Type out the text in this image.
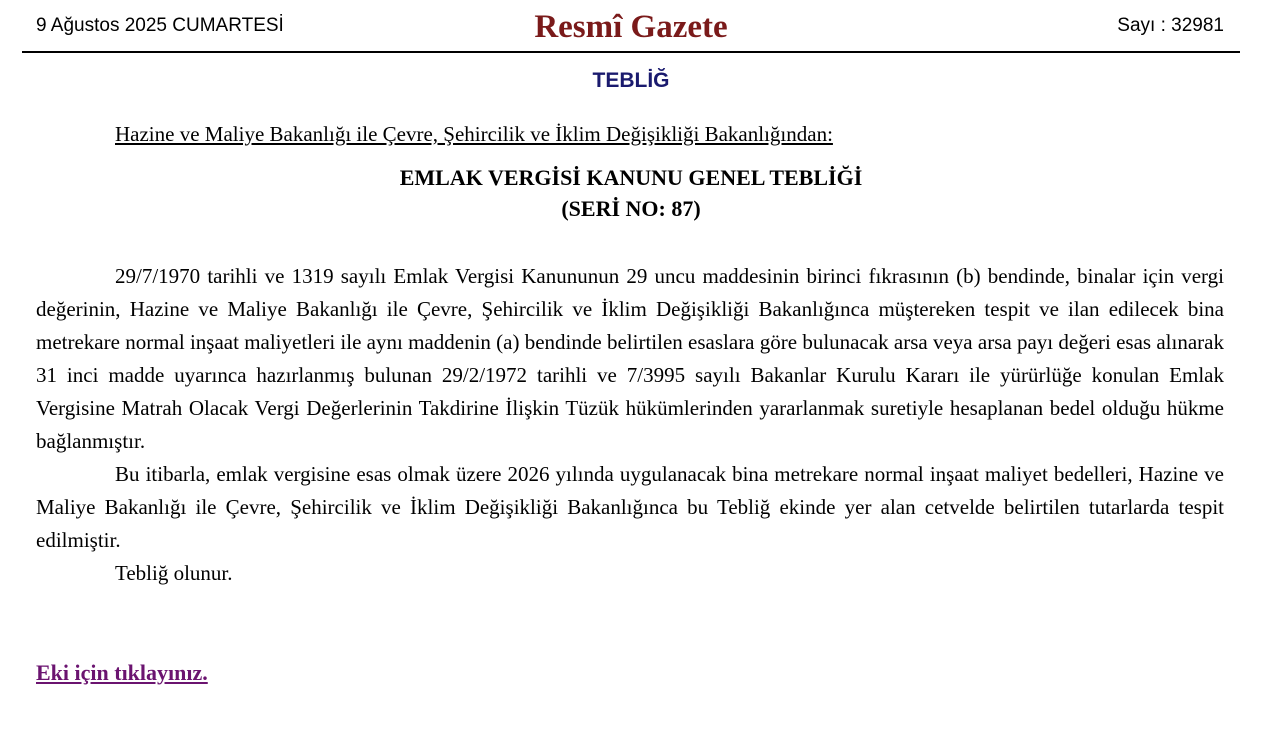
9 Ağustos 2025 CUMARTESİ	Resmî Gazete	Sayı : 32981
TEBLİĞ
Hazine ve Maliye Bakanlığı ile Çevre, Şehircilik ve İklim Değişikliği Bakanlığından:
EMLAK VERGİSİ KANUNU GENEL TEBLİĞİ
(SERİ NO: 87)

29/7/1970 tarihli ve 1319 sayılı Emlak Vergisi Kanununun 29 uncu maddesinin birinci fıkrasının (b) bendinde, binalar için vergi değerinin, Hazine ve Maliye Bakanlığı ile Çevre, Şehircilik ve İklim Değişikliği Bakanlığınca müştereken tespit ve ilan edilecek bina metrekare normal inşaat maliyetleri ile aynı maddenin (a) bendinde belirtilen esaslara göre bulunacak arsa veya arsa payı değeri esas alınarak 31 inci madde uyarınca hazırlanmış bulunan 29/2/1972 tarihli ve 7/3995 sayılı Bakanlar Kurulu Kararı ile yürürlüğe konulan Emlak Vergisine Matrah Olacak Vergi Değerlerinin Takdirine İlişkin Tüzük hükümlerinden yararlanmak suretiyle hesaplanan bedel olduğu hükme bağlanmıştır.

Bu itibarla, emlak vergisine esas olmak üzere 2026 yılında uygulanacak bina metrekare normal inşaat maliyet bedelleri, Hazine ve Maliye Bakanlığı ile Çevre, Şehircilik ve İklim Değişikliği Bakanlığınca bu Tebliğ ekinde yer alan cetvelde belirtilen tutarlarda tespit edilmiştir.

Tebliğ olunur.

Eki için tıklayınız.
